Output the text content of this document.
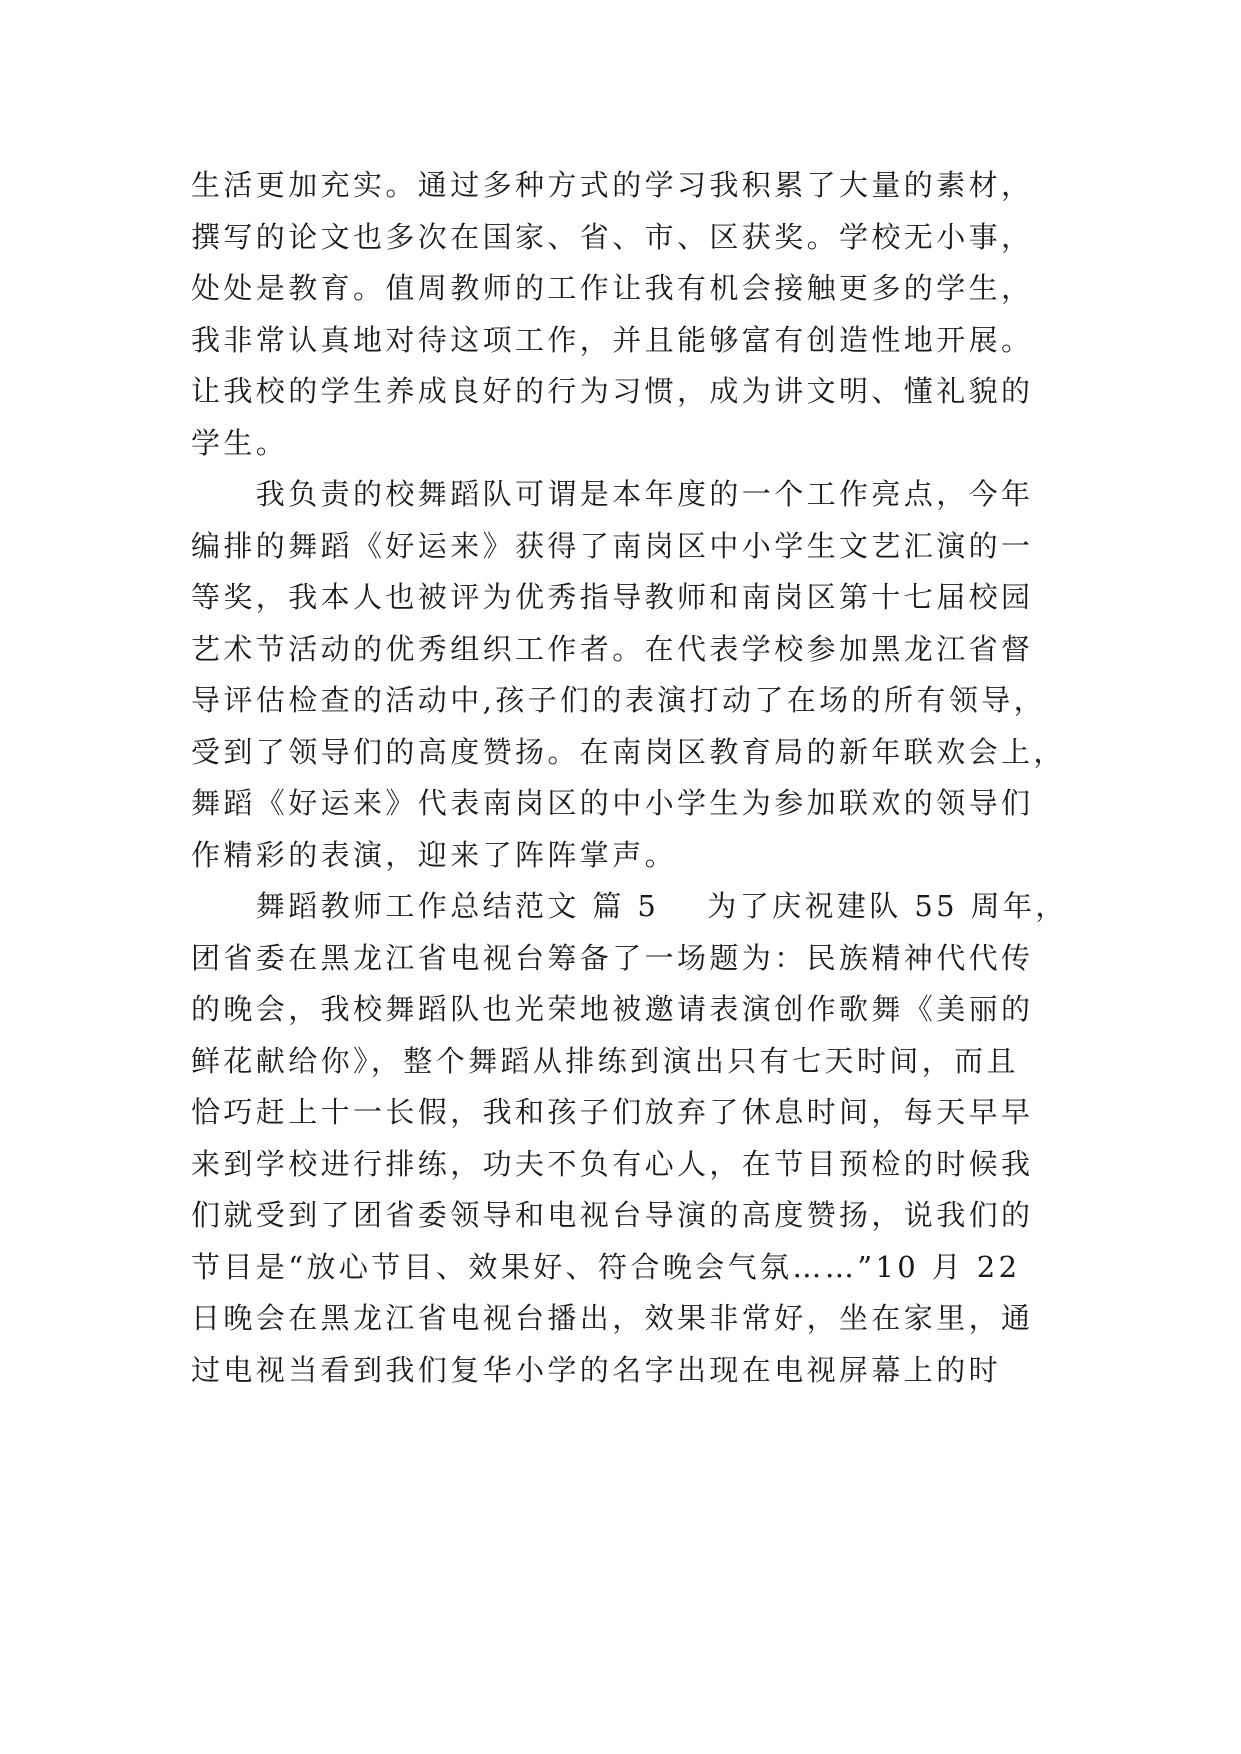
生活更加充实。通过多种方式的学习我积累了大量的素材，
撰写的论文也多次在国家、省、市、区获奖。学校无小事，
处处是教育。值周教师的工作让我有机会接触更多的学生，
我非常认真地对待这项工作，并且能够富有创造性地开展。
让我校的学生养成良好的行为习惯，成为讲文明、懂礼貌的
学生。
　　我负责的校舞蹈队可谓是本年度的一个工作亮点，今年
编排的舞蹈《好运来》获得了南岗区中小学生文艺汇演的一
等奖，我本人也被评为优秀指导教师和南岗区第十七届校园
艺术节活动的优秀组织工作者。在代表学校参加黑龙江省督
导评估检查的活动中,孩子们的表演打动了在场的所有领导，
受到了领导们的高度赞扬。在南岗区教育局的新年联欢会上，
舞蹈《好运来》代表南岗区的中小学生为参加联欢的领导们
作精彩的表演，迎来了阵阵掌声。
　　舞蹈教师工作总结范文 篇 5 为了庆祝建队 55 周年，
团省委在黑龙江省电视台筹备了一场题为：民族精神代代传
的晚会，我校舞蹈队也光荣地被邀请表演创作歌舞《美丽的
鲜花献给你》，整个舞蹈从排练到演出只有七天时间，而且
恰巧赶上十一长假，我和孩子们放弃了休息时间，每天早早
来到学校进行排练，功夫不负有心人，在节目预检的时候我
们就受到了团省委领导和电视台导演的高度赞扬，说我们的
节目是“放心节目、效果好、符合晚会气氛……”10 月 22
日晚会在黑龙江省电视台播出，效果非常好，坐在家里，通
过电视当看到我们复华小学的名字出现在电视屏幕上的时
